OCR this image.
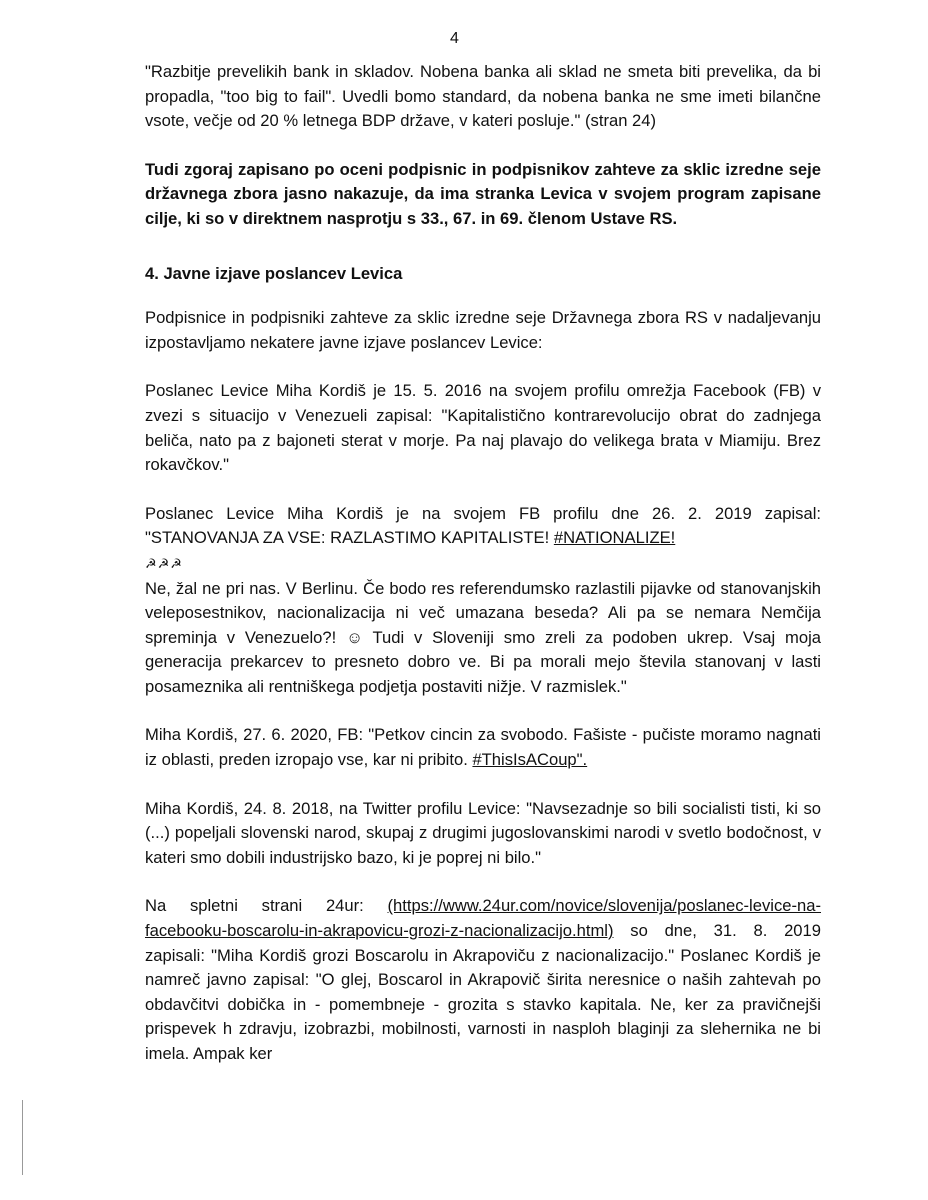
4

"Razbitje prevelikih bank in skladov. Nobena banka ali sklad ne smeta biti prevelika, da bi propadla, "too big to fail". Uvedli bomo standard, da nobena banka ne sme imeti bilančne vsote, večje od 20 % letnega BDP države, v kateri posluje." (stran 24)

Tudi zgoraj zapisano po oceni podpisnic in podpisnikov zahteve za sklic izredne seje državnega zbora jasno nakazuje, da ima stranka Levica v svojem program zapisane cilje, ki so v direktnem nasprotju s 33., 67. in 69. členom Ustave RS.

4. Javne izjave poslancev Levica

Podpisnice in podpisniki zahteve za sklic izredne seje Državnega zbora RS v nadaljevanju izpostavljamo nekatere javne izjave poslancev Levice:

Poslanec Levice Miha Kordiš je 15. 5. 2016 na svojem profilu omrežja Facebook (FB) v zvezi s situacijo v Venezueli zapisal: "Kapitalistično kontrarevolucijo obrat do zadnjega beliča, nato pa z bajoneti sterat v morje. Pa naj plavajo do velikega brata v Miamiju. Brez rokavčkov."

Poslanec Levice Miha Kordiš je na svojem FB profilu dne 26. 2. 2019 zapisal: "STANOVANJA ZA VSE: RAZLASTIMO KAPITALISTE! #NATIONALIZE!
☭☭☭
Ne, žal ne pri nas. V Berlinu. Če bodo res referendumsko razlastili pijavke od stanovanjskih veleposestnikov, nacionalizacija ni več umazana beseda? Ali pa se nemara Nemčija spreminja v Venezuelo?! ☺ Tudi v Sloveniji smo zreli za podoben ukrep. Vsaj moja generacija prekarcev to presneto dobro ve. Bi pa morali mejo števila stanovanj v lasti posameznika ali rentniškega podjetja postaviti nižje. V razmislek."

Miha Kordiš, 27. 6. 2020, FB: "Petkov cincin za svobodo. Fašiste - pučiste moramo nagnati iz oblasti, preden izropajo vse, kar ni pribito. #ThisIsACoup".

Miha Kordiš, 24. 8. 2018, na Twitter profilu Levice: "Navsezadnje so bili socialisti tisti, ki so (...) popeljali slovenski narod, skupaj z drugimi jugoslovanskimi narodi v svetlo bodočnost, v kateri smo dobili industrijsko bazo, ki je poprej ni bilo."

Na spletni strani 24ur: (https://www.24ur.com/novice/slovenija/poslanec-levice-na-facebooku-boscarolu-in-akrapovicu-grozi-z-nacionalizacijo.html) so dne, 31. 8. 2019 zapisali: "Miha Kordiš grozi Boscarolu in Akrapoviču z nacionalizacijo." Poslanec Kordiš je namreč javno zapisal: "O glej, Boscarol in Akrapovič širita neresnice o naših zahtevah po obdavčitvi dobička in - pomembneje - grozita s stavko kapitala. Ne, ker za pravičnejši prispevek h zdravju, izobrazbi, mobilnosti, varnosti in nasploh blaginji za slehernika ne bi imela. Ampak ker
